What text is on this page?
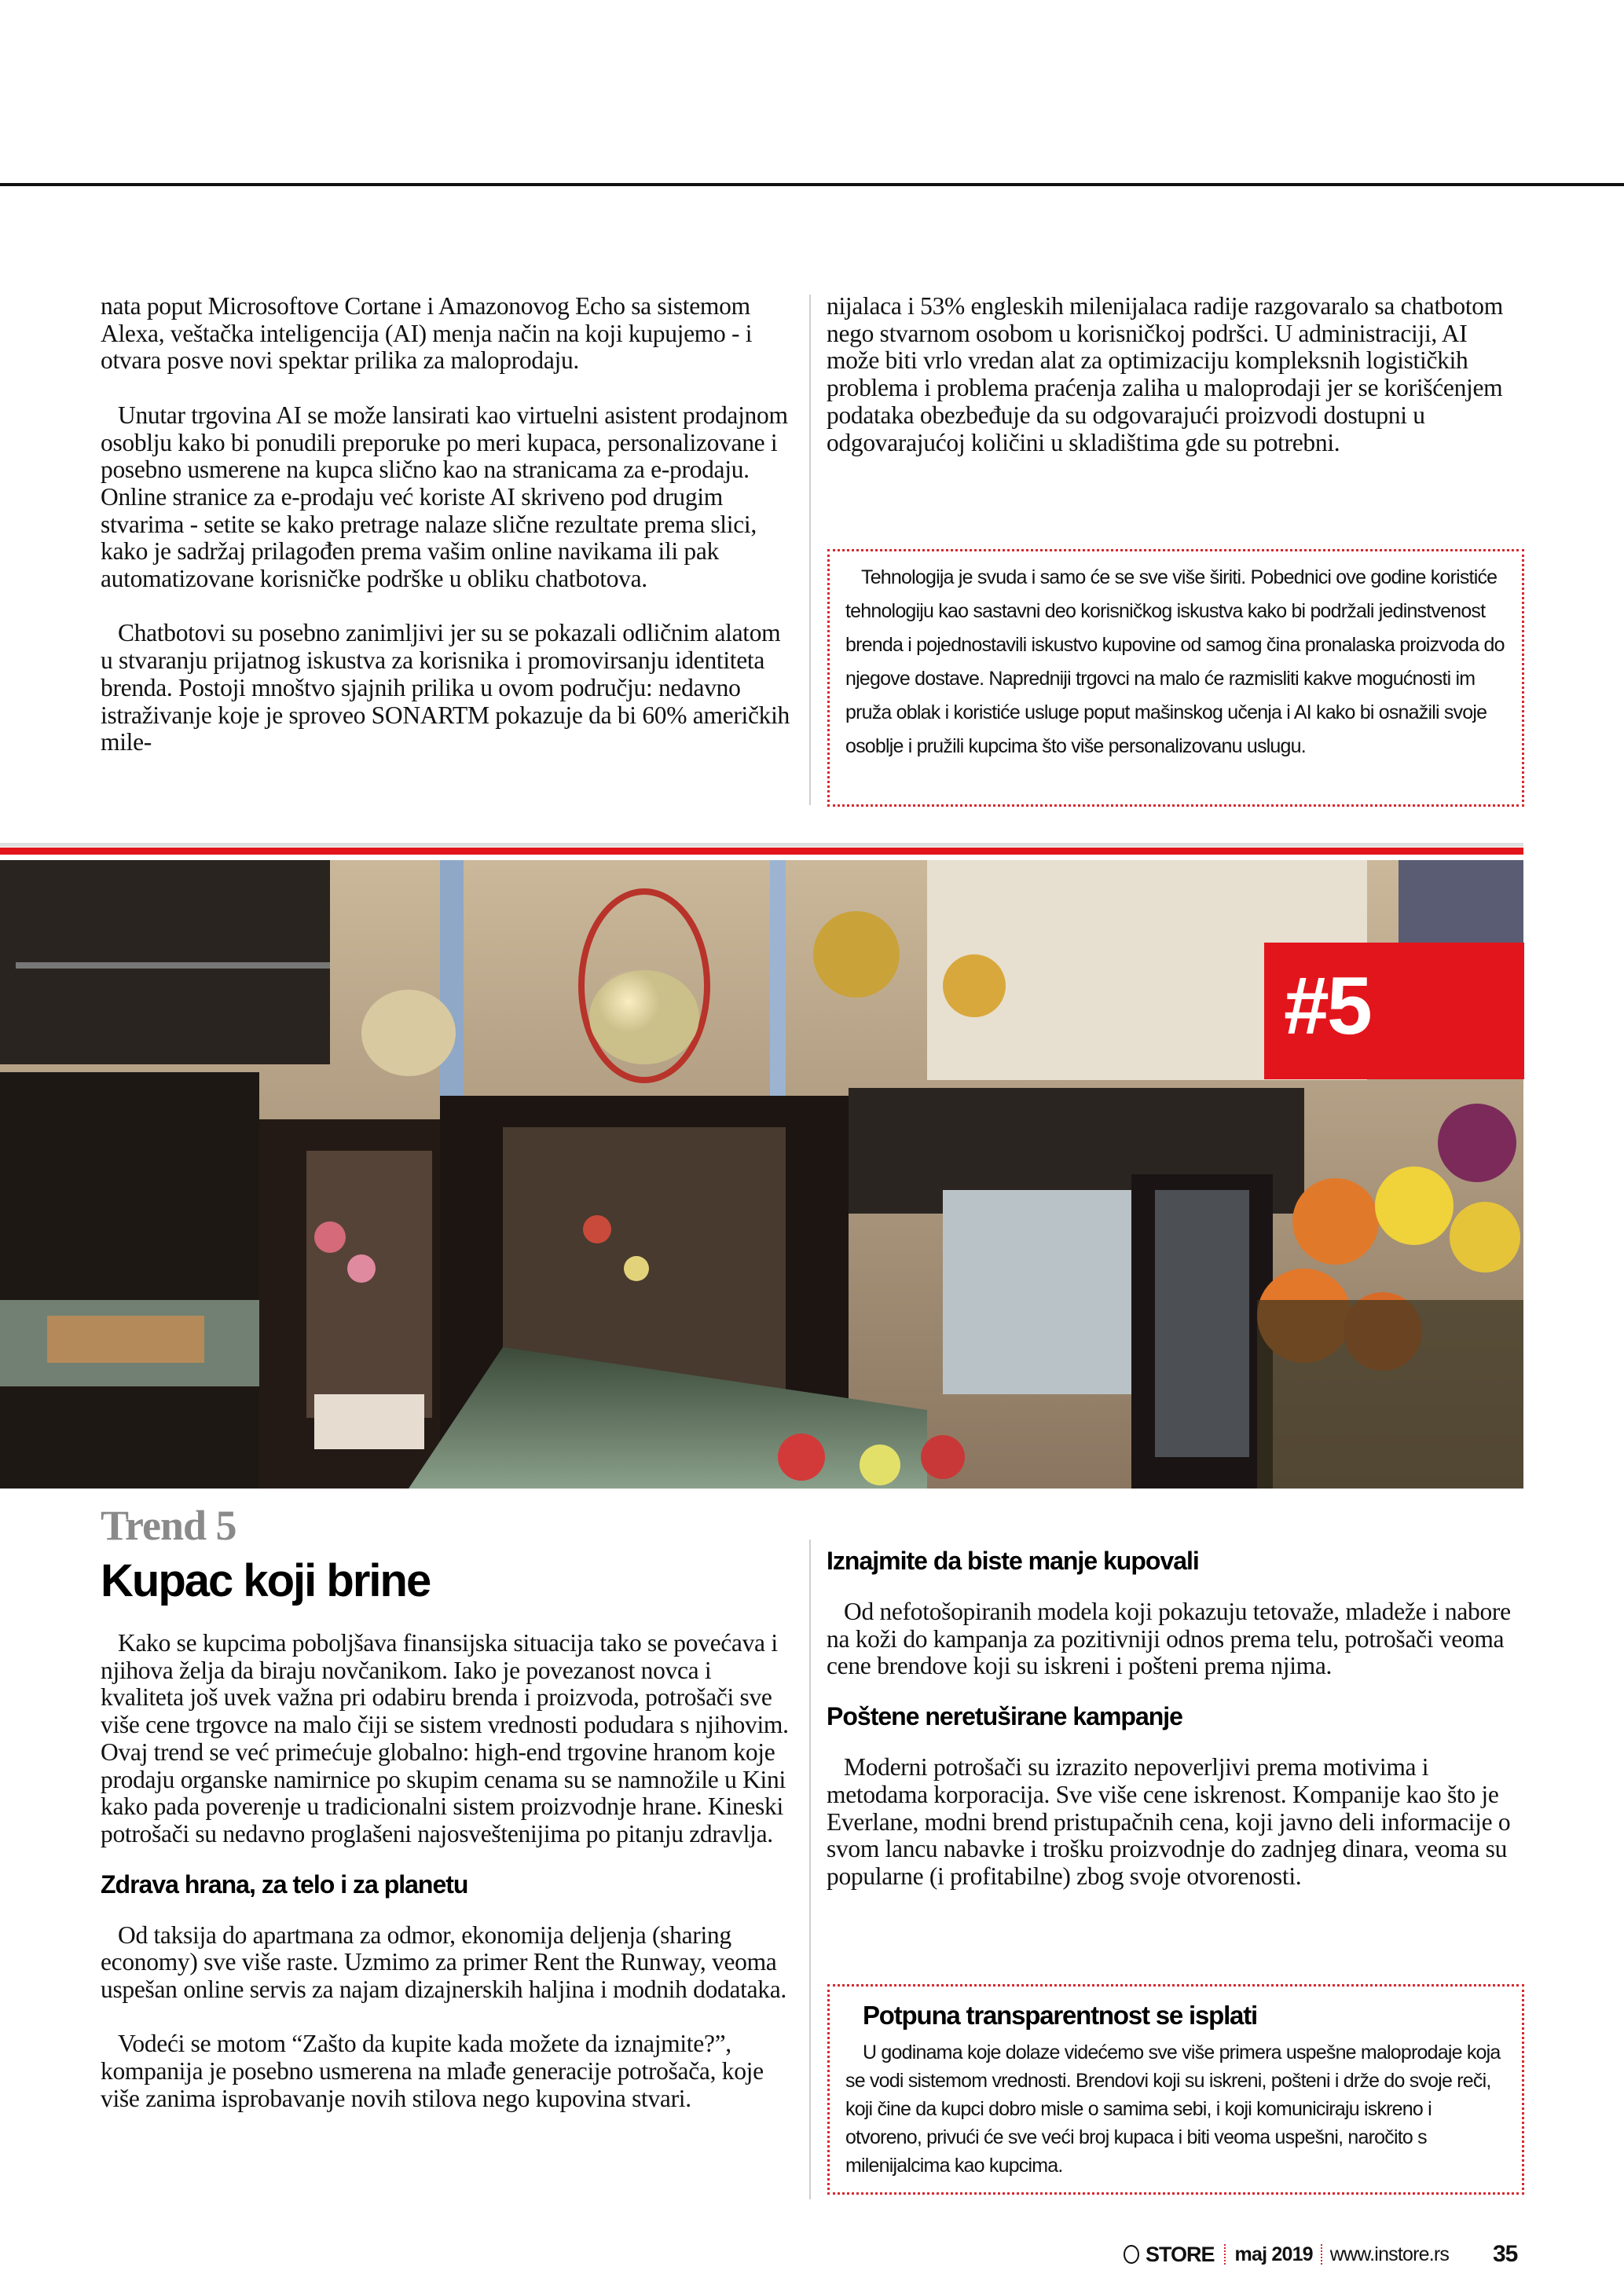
nata poput Microsoftove Cortane i Amazonovog Echo sa sistemom Alexa, veštačka inteligencija (AI) menja način na koji kupujemo - i otvara posve novi spektar prilika za maloprodaju.

Unutar trgovina AI se može lansirati kao virtuelni asistent prodajnom osoblju kako bi ponudili preporuke po meri kupaca, personalizovane i posebno usmerene na kupca slično kao na stranicama za e-prodaju. Online stranice za e-prodaju već koriste AI skriveno pod drugim stvarima - setite se kako pretrage nalaze slične rezultate prema slici, kako je sadržaj prilagođen prema vašim online navikama ili pak automatizovane korisničke podrške u obliku chatbotova.

Chatbotovi su posebno zanimljivi jer su se pokazali odličnim alatom u stvaranju prijatnog iskustva za korisnika i promovirsanju identiteta brenda. Postoji mnoštvo sjajnih prilika u ovom području: nedavno istraživanje koje je sproveo SONARTM pokazuje da bi 60% američkih mile-

nijalaca i 53% engleskih milenijalaca radije razgovaralo sa chatbotom nego stvarnom osobom u korisničkoj podršci. U administraciji, AI može biti vrlo vredan alat za optimizaciju kompleksnih logističkih problema i problema praćenja zaliha u maloprodaji jer se korišćenjem podataka obezbeđuje da su odgovarajući proizvodi dostupni u odgovarajućoj količini u skladištima gde su potrebni.

Tehnologija je svuda i samo će se sve više širiti. Pobednici ove godine koristiće tehnologiju kao sastavni deo korisničkog iskustva kako bi podržali jedinstvenost brenda i pojednostavili iskustvo kupovine od samog čina pronalaska proizvoda do njegove dostave. Napredniji trgovci na malo će razmisliti kakve mogućnosti im pruža oblak i koristiće usluge poput mašinskog učenja i AI kako bi osnažili svoje osoblje i pružili kupcima što više personalizovanu uslugu.

#5
Trend 5
Kupac koji brine

Kako se kupcima poboljšava finansijska situacija tako se povećava i njihova želja da biraju novčanikom. Iako je povezanost novca i kvaliteta još uvek važna pri odabiru brenda i proizvoda, potrošači sve više cene trgovce na malo čiji se sistem vrednosti podudara s njihovim. Ovaj trend se već primećuje globalno: high-end trgovine hranom koje prodaju organske namirnice po skupim cenama su se namnožile u Kini kako pada poverenje u tradicionalni sistem proizvodnje hrane. Kineski potrošači su nedavno proglašeni najosveštenijima po pitanju zdravlja.

Zdrava hrana, za telo i za planetu

Od taksija do apartmana za odmor, ekonomija deljenja (sharing economy) sve više raste. Uzmimo za primer Rent the Runway, veoma uspešan online servis za najam dizajnerskih haljina i modnih dodataka.

Vodeći se motom “Zašto da kupite kada možete da iznajmite?”, kompanija je posebno usmerena na mlađe generacije potrošača, koje više zanima isprobavanje novih stilova nego kupovina stvari.

Iznajmite da biste manje kupovali

Od nefotošopiranih modela koji pokazuju tetovaže, mladeže i nabore na koži do kampanja za pozitivniji odnos prema telu, potrošači veoma cene brendove koji su iskreni i pošteni prema njima.

Poštene neretuširane kampanje

Moderni potrošači su izrazito nepoverljivi prema motivima i metodama korporacija. Sve više cene iskrenost. Kompanije kao što je Everlane, modni brend pristupačnih cena, koji javno deli informacije o svom lancu nabavke i trošku proizvodnje do zadnjeg dinara, veoma su popularne (i profitabilne) zbog svoje otvorenosti.

Potpuna transparentnost se isplati

U godinama koje dolaze videćemo sve više primera uspešne maloprodaje koja se vodi sistemom vrednosti. Brendovi koji su iskreni, pošteni i drže do svoje reči, koji čine da kupci dobro misle o samima sebi, i koji komuniciraju iskreno i otvoreno, privući će sve veći broj kupaca i biti veoma uspešni, naročito s milenijalcima kao kupcima.

STORE maj 2019 www.instore.rs 35
